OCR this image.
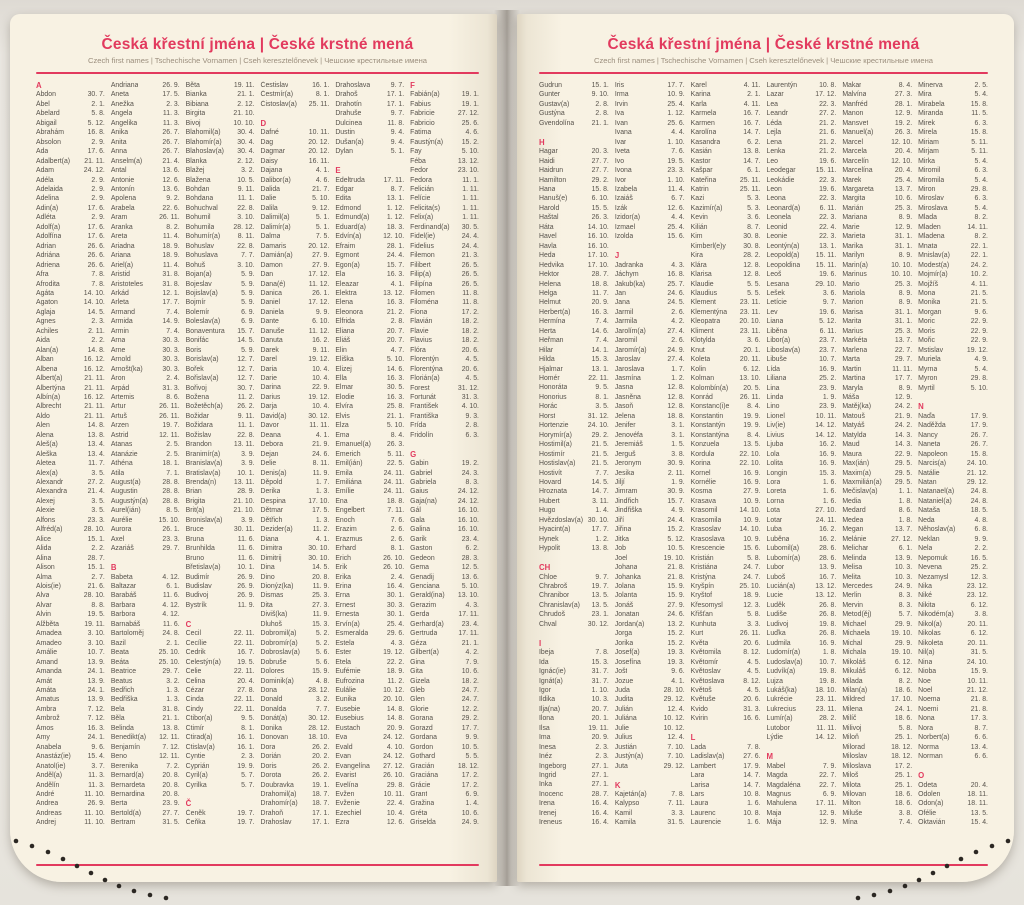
Česká křestní jména | České krstné mená
Czech first names | Tschechische Vornamen | Cseh keresztelőnevek | Чешские крестильные имена
A
Abdon	30. 7.
Ábel	2. 1.
Abelard	5. 8.
Abigail	5. 12.
Abrahám	16. 8.
Absolon	2. 9.
Ada	17. 6.
Adalbert(a) 21. 11.
Adam	24. 12.
Adéla	2. 9.
Adelaida	2. 9.
Adelina	2. 9.
Adin(a)	17. 6.
Adléta	2. 9.
Adolf(a)	17. 6.
Adolfína	17. 6.
Adrian	26. 6.
Adriána	26. 6.
Adriena	26. 6.
Afra	7. 8.
Afrodita	7. 8.
Agáta	14. 10.
Agaton	14. 10.
Aglaja	14. 5.
Agnes	2. 3.
Achiles	2. 11.
Aida	2. 2.
Alan(a)	14. 8.
Alban	16. 12.
Albena	16. 12.
Albert(a)	21. 11.
Albertýna	21. 11.
Albín(a)	16. 12.
Albrecht	21. 11.
Aldo	21. 11.
Alen	14. 8.
Alena	13. 8.
Aleš(a)	13. 4.
Aleška	13. 4.
Aletea	11. 7.
Alex(a)	3. 5.
Alexandr	27. 2.
Alexandra	21. 4.
Alexej	3. 5.
Alexie	3. 5.
Alfons	23. 3.
Alfréd(a)	28. 10.
Alice	15. 1.
Alida	2. 2.
Alina	28. 7.
Alison	15. 1.
Alma	2. 7.
Alois(ie)	21. 6.
Alva	28. 10.
Alvar	8. 8.
Alvin	19. 5.
Alžběta	19. 11.
Amadea	3. 10.
Amadeo	3. 10.
Amálie	10. 7.
Amand	13. 9.
Amanda	24. 1.
Amát	13. 9.
Amáta	24. 1.
Amatus	13. 9.
Ambra	7. 12.
Ambrož	7. 12.
Ámos	16. 3.
Amy	24. 1.
Anabela	9. 6.
Anastáz(ie) 15. 4.
Anatol(ie)	3. 7.
Anděl(a)	11. 3.
Andělín	11. 3.
André	11. 10.
Andrea	26. 9.
Andreas	11. 10.
Andrej	11. 10.
Andriana	26. 9.
Aneta	17. 5.
Anežka	2. 3.
Angela	11. 3.
Angelika	11. 3.
Anika	26. 7.
Anita	26. 7.
Anna	26. 7.
Anselm(a)	21. 4.
Antal	13. 6.
Antonie	12. 6.
Antonín	13. 6.
Apolena	9. 2.
Arabela	22. 6.
Aram	26. 11.
Aranka	8. 2.
Areta	11. 4.
Ariadna	18. 9.
Ariana	18. 9.
Ariel(a)	11. 4.
Aristid	31. 8.
Aristoteles	31. 8.
Arkád	12. 1.
Arleta	17. 7.
Armand	7. 4.
Armida	14. 9.
Armin	7. 4.
Arna	30. 3.
Arne	30. 3.
Arnold	30. 3.
Arnošt(ka)	30. 3.
Áron	2. 4.
Arpád	31. 3.
Artemis	8. 6.
Artur	26. 11.
Artuš	26. 11.
Arzen	19. 7.
Astrid	12. 11.
Atanas	2. 5.
Atanázie	2. 5.
Athéna	18. 1.
Atila	7. 1.
August(a)	28. 8.
Augustin	28. 8.
Augustýn(a) 28. 8.
Aurel(ián)	8. 5.
Aurélie	15. 10.
Aurora	26. 1.
Axel	23. 3.
Azariáš	29. 7.
B
Babeta	4. 12.
Baltazar	6. 1.
Barabáš	11. 6.
Barbara	4. 12.
Barbora	4. 12.
Barnabáš	11. 6.
Bartoloměj	24. 8.
Bazil	2. 1.
Beata	25. 10.
Beáta	25. 10.
Beatrice	29. 7.
Beatus	3. 2.
Bedřich	1. 3.
Bedřiška	1. 3.
Bela	31. 8.
Běla	21. 1.
Belinda	13. 8.
Benedikt(a) 12. 11.
Benjamín	7. 12.
Beno	12. 11.
Berenika	7. 2.
Bernard(a)	20. 8.
Bernardeta	20. 8.
Bernardina	20. 8.
Berta	23. 9.
Bertold(a)	27. 7.
Bertram	31. 5.
Běta	19. 11.
Bianka	21. 1.
Bibiana	2. 12.
Birgita	21. 10.
Bivoj	10. 10.
Blahomil(a) 30. 4.
Blahomír(a) 30. 4.
Blahoslav(a) 30. 4.
Blanka	2. 12.
Blažej	3. 2.
Blažena	10. 5.
Bohdan	9. 11.
Bohdana	11. 1.
Bohuchval	22. 8.
Bohumil	3. 10.
Bohumila	28. 12.
Bohumír(a)	8. 11.
Bohuslav	22. 8.
Bohuslava	7. 7.
Bohuš	3. 10.
Bojan(a)	5. 9.
Bojeslav	5. 9.
Bojislav(a)	5. 9.
Bojmír	5. 9.
Bolemír	6. 9.
Boleslav(a)	6. 9.
Bonaventura 15. 7.
Bonifác	14. 5.
Boris	5. 9.
Borislav(a)	12. 7.
Bořek	12. 7.
Bořislav(a)	12. 7.
Bořivoj	30. 7.
Božena	11. 2.
Božetěch(a) 26. 2.
Božidar	9. 11.
Božidara	11. 1.
Božislav	22. 8.
Brandon	13. 11.
Branimír(a)	3. 9.
Branislav(a)	3. 9.
Bratislav(a) 10. 1.
Brenda(n)	13. 11.
Brian	28. 9.
Brigita	21. 10.
Brit(a)	21. 10.
Bronislav(a)	3. 9.
Bruce	30. 11.
Bruna	11. 6.
Brunhilda	11. 6.
Bruno	11. 6.
Břetislav(a) 10. 1.
Budimír	26. 9.
Budislav	26. 9.
Budivoj	26. 9.
Bystrík	11. 9.
C
Cecil	22. 11.
Cecílie	22. 11.
Cedrik	16. 7.
Celestýn(a) 19. 5.
Celie	22. 11.
Celina	20. 4.
Cézar	27. 8.
Cinda	22. 11.
Cindy	22. 11.
Ctibor(a)	9. 5.
Ctimír	8. 1.
Ctirad(a)	16. 1.
Ctislav(a)	16. 1.
Cyntie	2. 3.
Cyprián	19. 9.
Cyril(a)	5. 7.
Cyrilka	5. 7.
Č
Čeněk	19. 7.
Čeňka	19. 7.
Čestislav	16. 1.
Čestmír(a)	8. 1.
Čistoslav(a) 25. 11.
D
Dafné	10. 11.
Dag	20. 12.
Dagmar	20. 12.
Daisy	16. 11.
Dajana	4. 1.
Dalibor(a)	4. 6.
Dalida	21. 7.
Dalie	5. 10.
Dalila	9. 12.
Dalimil(a)	5. 1.
Dalimír(a)	5. 1.
Dalma	7. 5.
Damaris	20. 12.
Damián(a)	27. 9.
Damon	27. 9.
Dan	17. 12.
Dana(é)	11. 12.
Danica	26. 1.
Daniel	17. 12.
Daniela	9. 9.
Dante	6. 10.
Danuše	11. 12.
Danuta	16. 2.
Darek	9. 11.
Darel	19. 12.
Daria	10. 4.
Darie	10. 4.
Darina	22. 9.
Darius	19. 12.
Darja	10. 4.
David(a)	30. 12.
Davor	11. 11.
Deana	4. 1.
Debora	21. 9.
Dejan	24. 6.
Delie	8. 11.
Denis(a)	11. 9.
Děpold	1. 7.
Derika	1. 3.
Despina	17. 10.
Dětmar	17. 5.
Dětřich	1. 3.
Dezider(a)	11. 2.
Diana	4. 1.
Dimitra	30. 10.
Dimitrij	30. 10.
Dina	14. 5.
Dino	20. 8.
Dionýz(ka)	11. 9.
Dismas	25. 3.
Dita	27. 3.
Diviš(ka)	11. 9.
Dluhoš	15. 3.
Dobromil(a)	5. 2.
Dobromír(a)	5. 2.
Dobroslav(a) 5. 6.
Dobruše	5. 6.
Dolores	15. 9.
Dominik(a)	4. 8.
Dona	28. 12.
Donald	3. 2.
Donalda	7. 7.
Donát(a)	30. 12.
Donika	28. 12.
Donovan	18. 10.
Dora	26. 2.
Dorián	20. 2.
Doris	26. 2.
Dorota	26. 2.
Doubravka	19. 1.
Drahomil(a) 18. 7.
Drahomír(a) 18. 7.
Drahoň	17. 1.
Drahoslav	17. 1.
Drahoslava	9. 7.
Drahoš	17. 1.
Drahotín	17. 1.
Drahuše	9. 7.
Dulcinea	11. 8.
Dustin	9. 4.
Dušan(a)	9. 4.
Dylan	5. 1.
E
Edeltruda	17. 11.
Edgar	8. 7.
Edita	13. 1.
Edmond	1. 12.
Edmund(a)	1. 12.
Eduard(a)	18. 3.
Edvín(a)	12. 10.
Efraim	28. 1.
Egmont	24. 4.
Egon(a)	15. 7.
Ela	16. 3.
Eleazar	4. 1.
Elektra	13. 12.
Elena	16. 3.
Eleonora	21. 2.
Elfrida	2. 8.
Eliana	20. 7.
Eliáš	20. 7.
Elin	4. 7.
Eliška	5. 10.
Elizej	14. 6.
Ella	16. 3.
Elmar	30. 5.
Elodie	16. 3.
Elvíra	25. 8.
Elvis	21. 1.
Elza	5. 10.
Ema	8. 4.
Emanuel(a) 26. 3.
Emerich	5. 11.
Emil(ián)	22. 5.
Emila	24. 11.
Emiliána	24. 11.
Emílie	24. 11.
Ena	18. 8.
Engelbert	7. 11.
Enoch	7. 6.
Erazim	2. 6.
Erazmus	2. 6.
Erhard	8. 1.
Erich	26. 10.
Erik	26. 10.
Erika	2. 4.
Erina	16. 4.
Erna	30. 1.
Ernest	30. 3.
Ernesta	30. 1.
Ervín(a)	25. 4.
Esmeralda	29. 6.
Estela	4. 3.
Ester	19. 12.
Etela	22. 2.
Eufémie	18. 9.
Eufrozina	11. 2.
Eulálie	10. 12.
Eunika	20. 10.
Eusebie	14. 8.
Eusebius	14. 8.
Eustach	20. 9.
Eva	24. 12.
Evald	4. 10.
Evan	24. 12.
Evangelína 27. 12.
Evarist	26. 10.
Evelína	29. 8.
Evžen	10. 11.
Evženie	22. 4.
Ezechiel	10. 4.
Ezra	12. 6.
F
Fabián(a)	19. 1.
Fabius	19. 1.
Fabricie	27. 12.
Fabricio	25. 6.
Fatima	4. 6.
Faustýn(a)	15. 2.
Fay	5. 10.
Féba	13. 12.
Fedor	23. 10.
Fedora	11. 1.
Felicián	1. 11.
Felície	1. 11.
Felicita(s)	1. 11.
Felix(a)	1. 11.
Ferdinand(a) 30. 5.
Fidel(ie)	24. 4.
Fidelius	24. 4.
Filemon	21. 3.
Filibert	26. 5.
Filip(a)	26. 5.
Filipína	26. 5.
Filomen	11. 8.
Filoména	11. 8.
Fiona	17. 2.
Flavián	18. 2.
Flavie	18. 2.
Flavius	18. 2.
Flóra	20. 6.
Florentýn	4. 5.
Florentýna	20. 6.
Florián(a)	4. 5.
Forest	31. 12.
Fortunát	31. 3.
František	4. 10.
Františka	9. 3.
Frída	2. 8.
Fridolín	6. 3.
G
Gabin	19. 2.
Gabriel	24. 3.
Gabriela	8. 3.
Gaius	24. 12.
Gaja(na)	24. 12.
Gál	16. 10.
Gala	16. 10.
Galina	16. 10.
Garik	23. 4.
Gaston	6. 2.
Gedeon	28. 3.
Gema	12. 5.
Genadij	13. 6.
Genciana	5. 10.
Gerald(ina) 13. 10.
Gerazim	4. 3.
Gerda	17. 11.
Gerhard(a)	23. 4.
Gertruda	17. 11.
Géza	21. 1.
Gilbert(a)	4. 2.
Gina	7. 9.
Gita	10. 6.
Gizela	18. 2.
Gleb	24. 7.
Glen	24. 7.
Glorie	12. 2.
Gorana	29. 2.
Gorazd	17. 7.
Gordana	9. 9.
Gordon	10. 5.
Gothard	5. 5.
Gracián	18. 12.
Graciána	17. 2.
Grácie	17. 2.
Grant	6. 9.
Gražina	1. 4.
Gréta	10. 6.
Griselda	24. 9.
Česká křestní jména | České krstné mená
Czech first names | Tschechische Vornamen | Cseh keresztelőnevek | Чешские крестильные имена
Gudrun	15. 1.
Gunter	9. 10.
Gustav(a)	2. 8.
Gustýna	2. 8.
Gvendolína	21. 1.
H
Hagar	20. 3.
Haidi	27. 7.
Haidrun	27. 7.
Hamilton	29. 2.
Hana	15. 8.
Hanuš(e)	6. 10.
Harold	15. 5.
Haštal	26. 3.
Háta	14. 10.
Havel	16. 10.
Havla	16. 10.
Heda	17. 10.
Hedvika	17. 10.
Hektor	28. 7.
Helena	18. 8.
Helga	11. 7.
Helmut	20. 9.
Herbert(a)	16. 3.
Hermína	7. 4.
Herta	14. 6.
Heřman	7. 4.
Hilar	14. 1.
Hilda	15. 3.
Hjalmar	13. 1.
Homér	22. 11.
Honoráta	9. 5.
Honorius	8. 1.
Horác	3. 5.
Horst	31. 12.
Hortenzie	24. 10.
Horymír(a)	29. 2.
Hostimil(a)	21. 5.
Hostimír	21. 5.
Hostislav(a) 21. 5.
Hostivít	7. 7.
Hovard	14. 5.
Hroznata	14. 7.
Hubert	3. 11.
Hugo	1. 4.
Hvězdoslav(a) 30. 10.
Hyacint(a)	17. 7.
Hynek	1. 2.
Hypolit	13. 8.
CH
Chloe	9. 7.
Chrabroš	19. 7.
Chranibor	13. 5.
Chranislav(a) 13. 5.
Chrudoš	23. 1.
Chval	30. 12.
I
Ibeja	7. 8.
Ida	15. 3.
Ignác(ie)	31. 7.
Ignát(a)	31. 7.
Igor	1. 10.
Ildika	10. 3.
Ilja(na)	20. 7.
Ilona	20. 1.
Ilsa	19. 11.
Ima	20. 9.
Inesa	2. 3.
Inéz	2. 3.
Ingeborg	27. 1.
Ingrid	27. 1.
Inka	27. 1.
Inocenc	28. 7.
Irena	16. 4.
Irenej	16. 4.
Ireneus	16. 4.
Iris	17. 7.
Irma	10. 9.
Irvin	25. 4.
Iva	1. 12.
Ivan	25. 6.
Ivana	4. 4.
Ivar	1. 10.
Iveta	7. 6.
Ivo	19. 5.
Ivona	23. 3.
Ivor	1. 10.
Izabela	11. 4.
Izaiáš	6. 7.
Izák	12. 6.
Izidor(a)	4. 4.
Izmael	25. 4.
Izolda	15. 6.
J
Jadranka	4. 3.
Jáchym	16. 8.
Jakub(ka)	25. 7.
Jan	24. 6.
Jana	24. 5.
Jarmil	2. 6.
Jarmila	4. 2.
Jarolím(a)	27. 4.
Jaromil	2. 6.
Jaromír(a)	24. 9.
Jaroslav	27. 4.
Jaroslava	1. 7.
Jasmína	1. 2.
Jasna	12. 8.
Jasněna	12. 8.
Jasoň	12. 8.
Jelena	18. 8.
Jenifer	3. 1.
Jenovéfa	3. 1.
Jeremiáš	1. 5.
Jerguš	3. 8.
Jeronym	30. 9.
Jesika	2. 11.
Jiljí	1. 9.
Jimram	30. 9.
Jindřich	15. 7.
Jindřiška	4. 9.
Jiří	24. 4.
Jiřina	15. 2.
Jitka	5. 12.
Job	10. 5.
Joel	19. 10.
Johana	21. 8.
Johanka	21. 8.
Jolana	15. 9.
Jolanta	15. 9.
Jonáš	27. 9.
Jonatan	24. 6.
Jordan(a)	13. 2.
Jorga	15. 2.
Jorika	15. 2.
Josef(a)	19. 3.
Josefína	19. 3.
Jošt	9. 6.
Jozue	4. 1.
Juda	28. 10.
Judita	29. 12.
Julián	12. 4.
Juliána	10. 12.
Julie	10. 12.
Julius	12. 4.
Justián	7. 10.
Justýn(a)	7. 10.
Juta	29. 12.
K
Kajetán(a)	7. 8.
Kalypso	7. 11.
Kamil	3. 3.
Kamila	31. 5.
Karel	4. 11.
Karina	2. 1.
Karla	4. 11.
Karmela	16. 7.
Karmen	16. 7.
Karolína	14. 7.
Kasandra	6. 2.
Kasián	13. 8.
Kastor	14. 7.
Kašpar	6. 1.
Kateřina	25. 11.
Katrin	25. 11.
Kazi	5. 3.
Kazimír(a)	5. 3.
Kevin	3. 6.
Kilián	8. 7.
Kim	30. 8.
Kimberl(e)y	30. 8.
Kira	28. 2.
Klára	12. 8.
Klarisa	12. 8.
Klaudie	5. 5.
Klaudius	5. 5.
Klement	23. 11.
Klementýna 23. 11.
Kleopatra	20. 10.
Kliment	23. 11.
Klotylda	3. 6.
Knut	20. 1.
Koleta	20. 11.
Kolin	6. 12.
Kolman	13. 10.
Kolombín(a) 20. 5.
Konrád	26. 11.
Konstanc(i)e	8. 4.
Konstantin	19. 9.
Konstantýn	19. 9.
Konstantýna	8. 4.
Konzuela	13. 5.
Kordula	22. 10.
Korina	22. 10.
Kornel	16. 9.
Kornélie	16. 9.
Kosma	27. 9.
Krasava	10. 9.
Krasomil	14. 10.
Krasomila	10. 9.
Krasoslav	14. 10.
Krasoslava	10. 9.
Krescencie	15. 6.
Kristián	5. 8.
Kristiána	24. 7.
Kristýna	24. 7.
Kryšpín	25. 10.
Kryštof	18. 9.
Křesomysl	12. 3.
Křišťan	5. 8.
Kunhuta	3. 3.
Kurt	26. 11.
Květa	20. 6.
Květomila	8. 12.
Květomír	4. 5.
Květoslav	4. 5.
Květoslava	8. 12.
Květoš	4. 5.
Květuše	20. 6.
Kvido	31. 3.
Kvirin	16. 6.
L
Lada	7. 8.
Ladislav(a)	27. 6.
Lambert	17. 9.
Lara	14. 7.
Larisa	14. 7.
Lars	10. 8.
Laura	1. 6.
Laurenc	10. 8.
Laurencie	1. 6.
Laurentýn	10. 8.
Lazar	17. 12.
Lea	22. 3.
Leandr	27. 2.
Léda	21. 2.
Lejla	21. 6.
Lena	21. 2.
Lenka	21. 2.
Leo	19. 6.
Leodegar	15. 11.
Leokádie	22. 3.
Leon	19. 6.
Leona	22. 3.
Leonard(a)	6. 11.
Leonela	22. 3.
Leonid	22. 4.
Leonie	22. 3.
Leontýn(a)	13. 1.
Leopold(a) 15. 11.
Leopoldina 15. 11.
Leoš	19. 6.
Lesana	29. 10.
Lešek	3. 6.
Letície	9. 7.
Lev	19. 6.
Liana	5. 12.
Liběna	6. 11.
Libor(a)	23. 7.
Liboslav(a)	23. 7.
Libuše	10. 7.
Lída	16. 9.
Liliana	25. 2.
Lina	23. 9.
Linda	1. 9.
Lino	23. 9.
Lionel	10. 11.
Liv(ie)	14. 12.
Livius	14. 12.
Ljuba	16. 2.
Lola	16. 9.
Lolita	16. 9.
Longin	15. 3.
Lora	1. 6.
Loreta	1. 6.
Lorna	1. 6.
Lota	27. 10.
Lotar	24. 11.
Luba	16. 2.
Luběna	16. 2.
Lubomil(a)	28. 6.
Lubomír(a)	28. 6.
Lubor	13. 9.
Luboš	16. 7.
Lucián(a)	13. 12.
Lucie	13. 12.
Luděk	26. 8.
Ludiše	26. 8.
Ludivoj	19. 8.
Luďka	26. 8.
Ludmila	16. 9.
Ludomír(a)	1. 8.
Ludoslav(a) 10. 7.
Ludvík(a)	19. 8.
Lujza	19. 8.
Lukáš(ka)	18. 10.
Lukrécie	23. 11.
Lukrecius	23. 11.
Lumír(a)	28. 2.
Lutobor	11. 11.
Lýdie	14. 12.
M
Mabel	7. 9.
Magda	22. 7.
Magdaléna	22. 7.
Magnus	6. 9.
Mahulena	17. 11.
Maja	12. 9.
Mája	12. 9.
Makar	8. 4.
Malvína	27. 3.
Manfréd	28. 1.
Manon	12. 9.
Mansvet	19. 2.
Manuel(a)	26. 3.
Marcel	12. 10.
Marcela	20. 4.
Marcelín	12. 10.
Marcelína	20. 4.
Marek	25. 4.
Margareta	13. 7.
Margita	10. 6.
Marián	25. 3.
Mariana	8. 9.
Marie	12. 9.
Marieta	31. 1.
Marika	31. 1.
Marilyn	8. 9.
Marin(a)	10. 10.
Marinus	10. 10.
Mario	25. 3.
Mariola	8. 9.
Marion	8. 9.
Marisa	31. 1.
Marita	31. 1.
Marius	25. 3.
Markéta	13. 7.
Marlena	22. 7.
Marta	29. 7.
Martin	11. 11.
Martina	17. 7.
Maryla	8. 9.
Máša	12. 9.
Matěj(ka)	24. 2.
Matouš	21. 9.
Matyáš	24. 2.
Matylda	14. 3.
Maud	14. 3.
Maura	22. 9.
Max(ián)	29. 5.
Maxim(a)	29. 5.
Maxmilián(a) 29. 5.
Mečislav(a)	1. 1.
Media	1. 8.
Medard	8. 6.
Medea	1. 8.
Megan	13. 7.
Melánie	27. 12.
Melichar	6. 1.
Melinda	13. 9.
Melisa	10. 3.
Melita	10. 3.
Mercedes	24. 9.
Merlin	8. 3.
Mervin	8. 3.
Metod(ěj)	5. 7.
Michael	29. 9.
Michaela	19. 10.
Michal	29. 9.
Michala	19. 10.
Mikoláš	6. 12.
Mikuláš	6. 12.
Milada	8. 2.
Milan(a)	18. 6.
Mildred	17. 10.
Milena	24. 1.
Milíč	18. 6.
Milivoj	5. 8.
Miloň	25. 1.
Milorad	18. 12.
Miloslav	18. 12.
Miloslava	17. 2.
Miloš	25. 1.
Milota	25. 1.
Milovan	18. 6.
Milton	18. 6.
Miluše	3. 8.
Mína	7. 4.
Minerva	2. 5.
Mira	5. 4.
Mirabela	15. 8.
Miranda	11. 5.
Mirek	6. 3.
Mirela	15. 8.
Miriam	5. 11.
Mirjam	5. 11.
Mirka	5. 4.
Miromil	6. 3.
Miromila	5. 4.
Miron	29. 8.
Miroslav	6. 3.
Miroslava	5. 4.
Mlada	8. 2.
Mladen	14. 11.
Mladena	8. 2.
Mnata	22. 1.
Mnislav(a)	22. 1.
Modest(a)	24. 2.
Mojmír(a)	10. 2.
Mojžíš	4. 11.
Mona	21. 5.
Monika	21. 5.
Morgan	9. 6.
Moric	22. 9.
Moris	22. 9.
Mořic	22. 9.
Mstislav	19. 12.
Muriela	4. 9.
Myrna	5. 4.
Myron	29. 8.
Myrtil	5. 10.
N
Naďa	17. 9.
Naděžda	17. 9.
Nancy	26. 7.
Naneta	26. 7.
Napoleon	15. 8.
Narcis(a)	24. 10.
Natálie	21. 12.
Natan	29. 12.
Natanael(a) 24. 8.
Nataniel(a)	24. 8.
Nataša	18. 5.
Neda	4. 8.
Něhoslav(a)	6. 8.
Neklan	9. 9.
Nela	2. 2.
Nepomuk	16. 5.
Nevena	25. 2.
Nezamysl	12. 3.
Nika	23. 12.
Niké	23. 12.
Nikita	6. 12.
Nikodém(a)	3. 8.
Nikol(a)	20. 11.
Nikolas	6. 12.
Nikoleta	20. 11.
Nil(a)	31. 5.
Nina	24. 10.
Nioba	15. 9.
Noe	10. 11.
Noel	21. 12.
Noema	21. 8.
Noemi	21. 8.
Nona	17. 3.
Nora	8. 7.
Norbert(a)	6. 6.
Norma	13. 4.
Norman	6. 6.
O
Odeta	20. 4.
Odolen	18. 11.
Odon(a)	18. 11.
Ofélie	13. 5.
Oktavián	15. 4.
